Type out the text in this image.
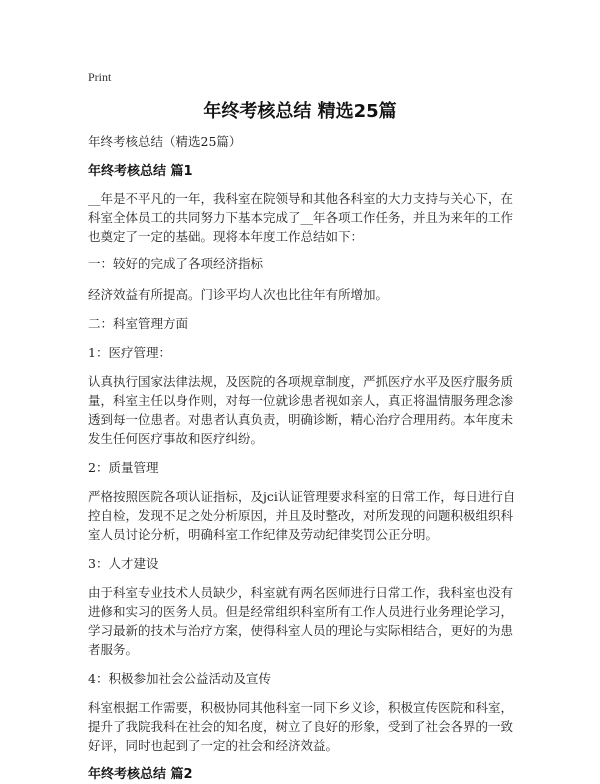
Print
年终考核总结 精选25篇

年终考核总结（精选25篇）

年终考核总结 篇1

__年是不平凡的一年，我科室在院领导和其他各科室的大力支持与关心下，在科室全体员工的共同努力下基本完成了__年各项工作任务，并且为来年的工作也奠定了一定的基础。现将本年度工作总结如下：

一：较好的完成了各项经济指标

经济效益有所提高。门诊平均人次也比往年有所增加。

二：科室管理方面

1：医疗管理：

认真执行国家法律法规，及医院的各项规章制度，严抓医疗水平及医疗服务质量，科室主任以身作则，对每一位就诊患者视如亲人，真正将温情服务理念渗透到每一位患者。对患者认真负责，明确诊断，精心治疗合理用药。本年度未发生任何医疗事故和医疗纠纷。

2：质量管理

严格按照医院各项认证指标，及jci认证管理要求科室的日常工作，每日进行自控自检，发现不足之处分析原因，并且及时整改，对所发现的问题积极组织科室人员讨论分析，明确科室工作纪律及劳动纪律奖罚公正分明。

3：人才建设

由于科室专业技术人员缺少，科室就有两名医师进行日常工作，我科室也没有进修和实习的医务人员。但是经常组织科室所有工作人员进行业务理论学习，学习最新的技术与治疗方案，使得科室人员的理论与实际相结合，更好的为患者服务。

4：积极参加社会公益活动及宣传

科室根据工作需要，积极协同其他科室一同下乡义诊，积极宣传医院和科室，提升了我院我科在社会的知名度，树立了良好的形象，受到了社会各界的一致好评，同时也起到了一定的社会和经济效益。

年终考核总结 篇2
